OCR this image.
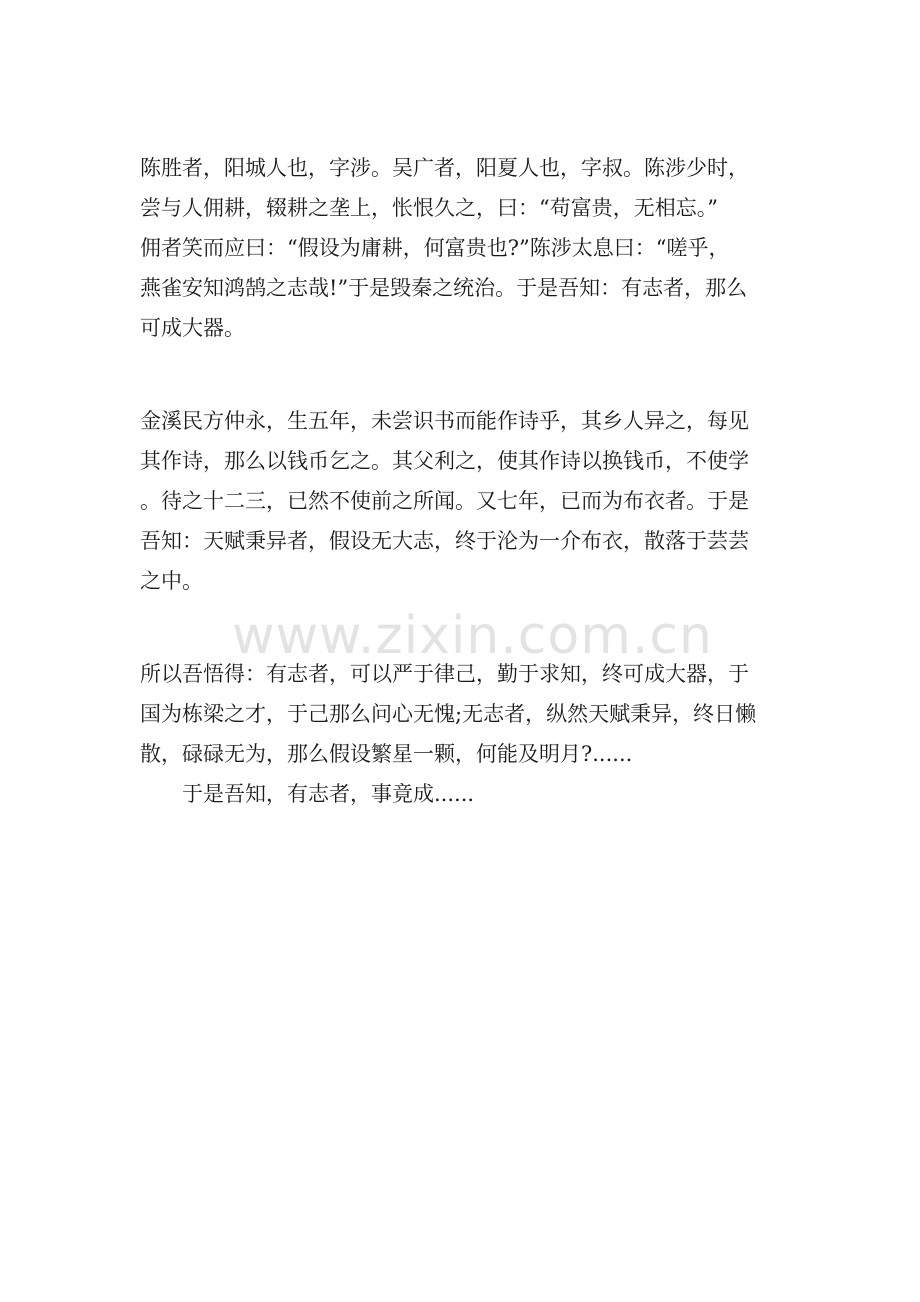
陈胜者，阳城人也，字涉。吴广者，阳夏人也，字叔。陈涉少时，

尝与人佣耕，辍耕之垄上，怅恨久之，曰：“苟富贵，无相忘。”

佣者笑而应曰：“假设为庸耕，何富贵也?”陈涉太息曰：“嗟乎，

燕雀安知鸿鹄之志哉!”于是毁秦之统治。于是吾知：有志者，那么

可成大器。

金溪民方仲永，生五年，未尝识书而能作诗乎，其乡人异之，每见

其作诗，那么以钱币乞之。其父利之，使其作诗以换钱币，不使学

。待之十二三，已然不使前之所闻。又七年，已而为布衣者。于是

吾知：天赋秉异者，假设无大志，终于沦为一介布衣，散落于芸芸

之中。

www.zixin.com.cn

所以吾悟得：有志者，可以严于律己，勤于求知，终可成大器，于

国为栋梁之才，于己那么问心无愧;无志者，纵然天赋秉异，终日懒

散，碌碌无为，那么假设繁星一颗，何能及明月?......

于是吾知，有志者，事竟成......
